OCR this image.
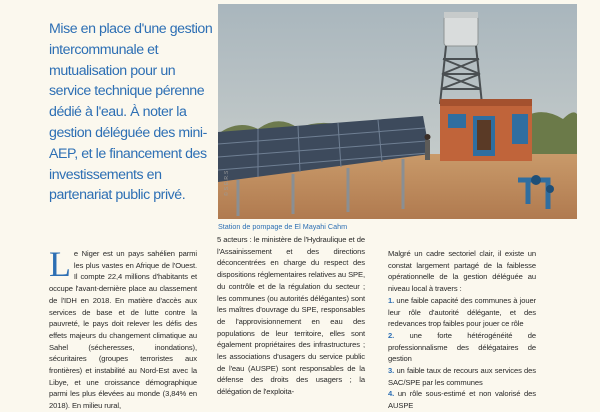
Mise en place d'une gestion intercommunale et mutualisation pour un service technique pérenne dédié à l'eau. À noter la gestion déléguée des mini-AEP, et le financement des investissements en partenariat public privé.	© S.E.R.S
Station de pompage de El Mayahi Cahm
L e Niger est un pays sahélien parmi les plus vastes en Afrique de l'Ouest. Il compte 22,4 millions d'habitants et occupe l'avant-dernière place au classement de l'IDH en 2018. En matière d'accès aux services de base et de lutte contre la pauvreté, le pays doit relever les défis des effets majeurs du changement climatique au Sahel (sécheresses, inondations), sécuritaires (groupes terroristes aux frontières) et instabilité au Nord-Est avec la Libye, et une croissance démographique parmi les plus élevées au monde (3,84% en 2018). En milieu rural,

5 acteurs : le ministère de l'Hydraulique et de l'Assainissement et des directions déconcentrées en charge du respect des dispositions réglementaires relatives au SPE, du contrôle et de la régulation du secteur ; les communes (ou autorités délégantes) sont les maîtres d'ouvrage du SPE, responsables de l'approvisionnement en eau des populations de leur territoire, elles sont également propriétaires des infrastructures ; les associations d'usagers du service public de l'eau (AUSPE) sont responsables de la défense des droits des usagers ; la délégation de l'exploita-

Malgré un cadre sectoriel clair, il existe un constat largement partagé de la faiblesse opérationnelle de la gestion déléguée au niveau local à travers :

1. une faible capacité des communes à jouer leur rôle d'autorité délégante, et des redevances trop faibles pour jouer ce rôle
2. une forte hétérogénéité de professionnalisme des délégataires de gestion
3. un faible taux de recours aux services des SAC/SPE par les communes
4. un rôle sous-estimé et non valorisé des AUSPE
